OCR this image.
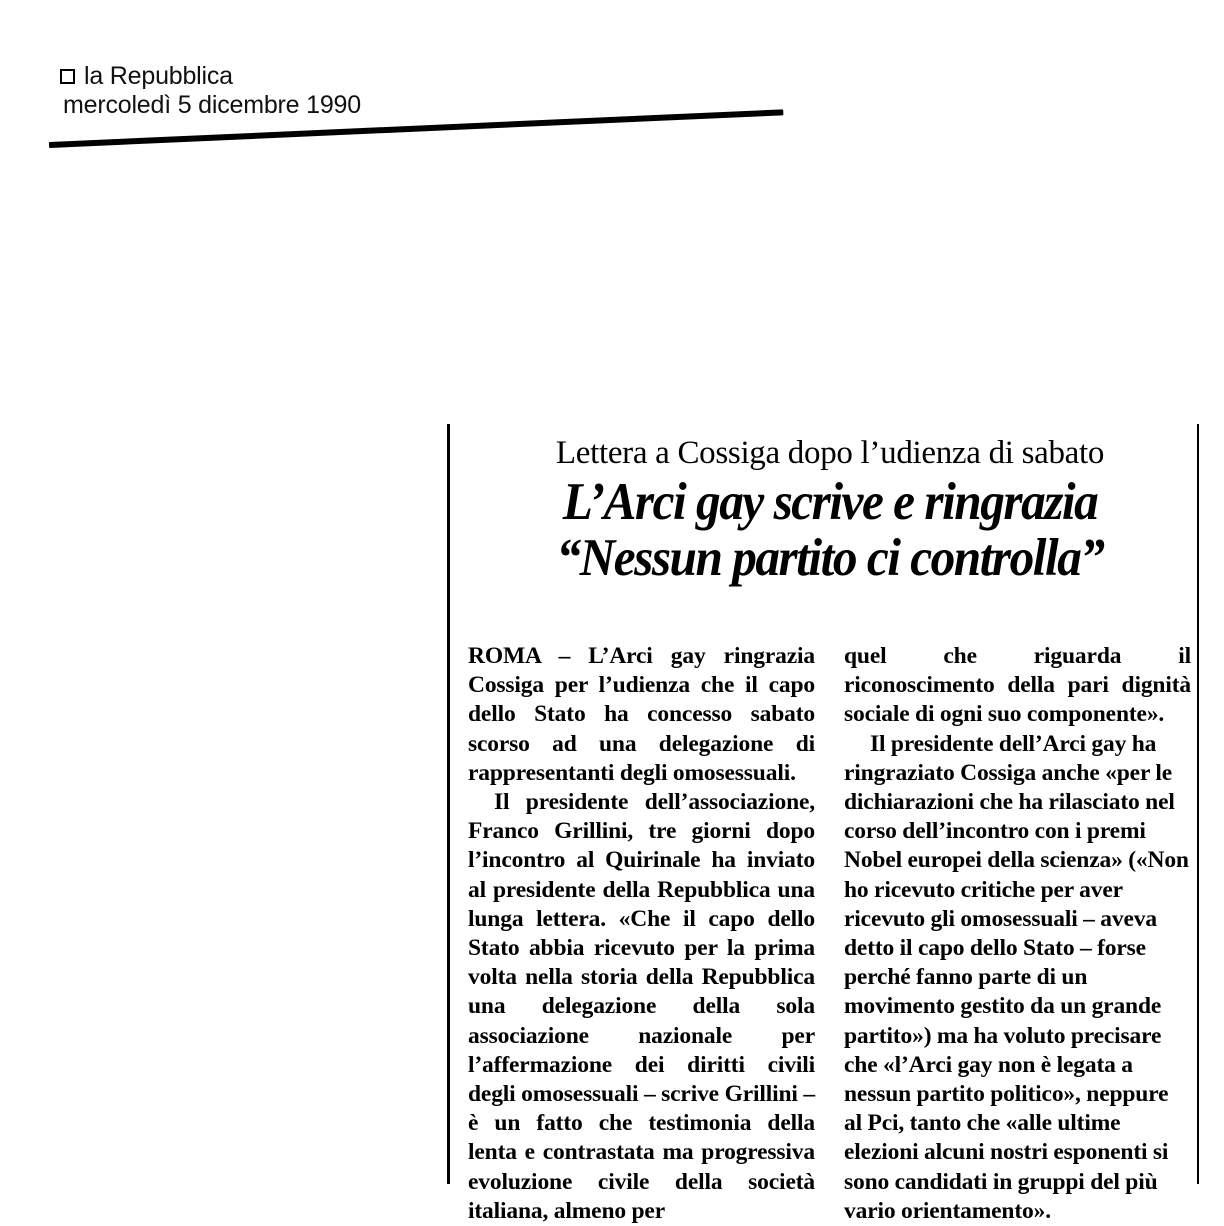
la Repubblica
mercoledì 5 dicembre 1990
Lettera a Cossiga dopo l’udienza di sabato
L’Arci gay scrive e ringrazia
“Nessun partito ci controlla”

ROMA – L’Arci gay ringrazia Cossiga per l’udienza che il capo dello Stato ha concesso sabato scorso ad una delegazione di rappresentanti degli omosessuali.

Il presidente dell’associazione, Franco Grillini, tre giorni dopo l’incontro al Quirinale ha inviato al presidente della Repubblica una lunga lettera. «Che il capo dello Stato abbia ricevuto per la prima volta nella storia della Repubblica una delegazione della sola associazione nazionale per l’affermazione dei diritti civili degli omosessuali – scrive Grillini – è un fatto che testimonia della lenta e contrastata ma progressiva evoluzione civile della società italiana, almeno per

quel che riguarda il riconoscimento della pari dignità sociale di ogni suo componente».

Il presidente dell’Arci gay ha ringraziato Cossiga anche «per le dichiarazioni che ha rilasciato nel corso dell’incontro con i premi Nobel europei della scienza» («Non ho ricevuto critiche per aver ricevuto gli omosessuali – aveva detto il capo dello Stato – forse perché fanno parte di un movimento gestito da un grande partito») ma ha voluto precisare che «l’Arci gay non è legata a nessun partito politico», neppure al Pci, tanto che «alle ultime elezioni alcuni nostri esponenti si sono candidati in gruppi del più vario orientamento».
